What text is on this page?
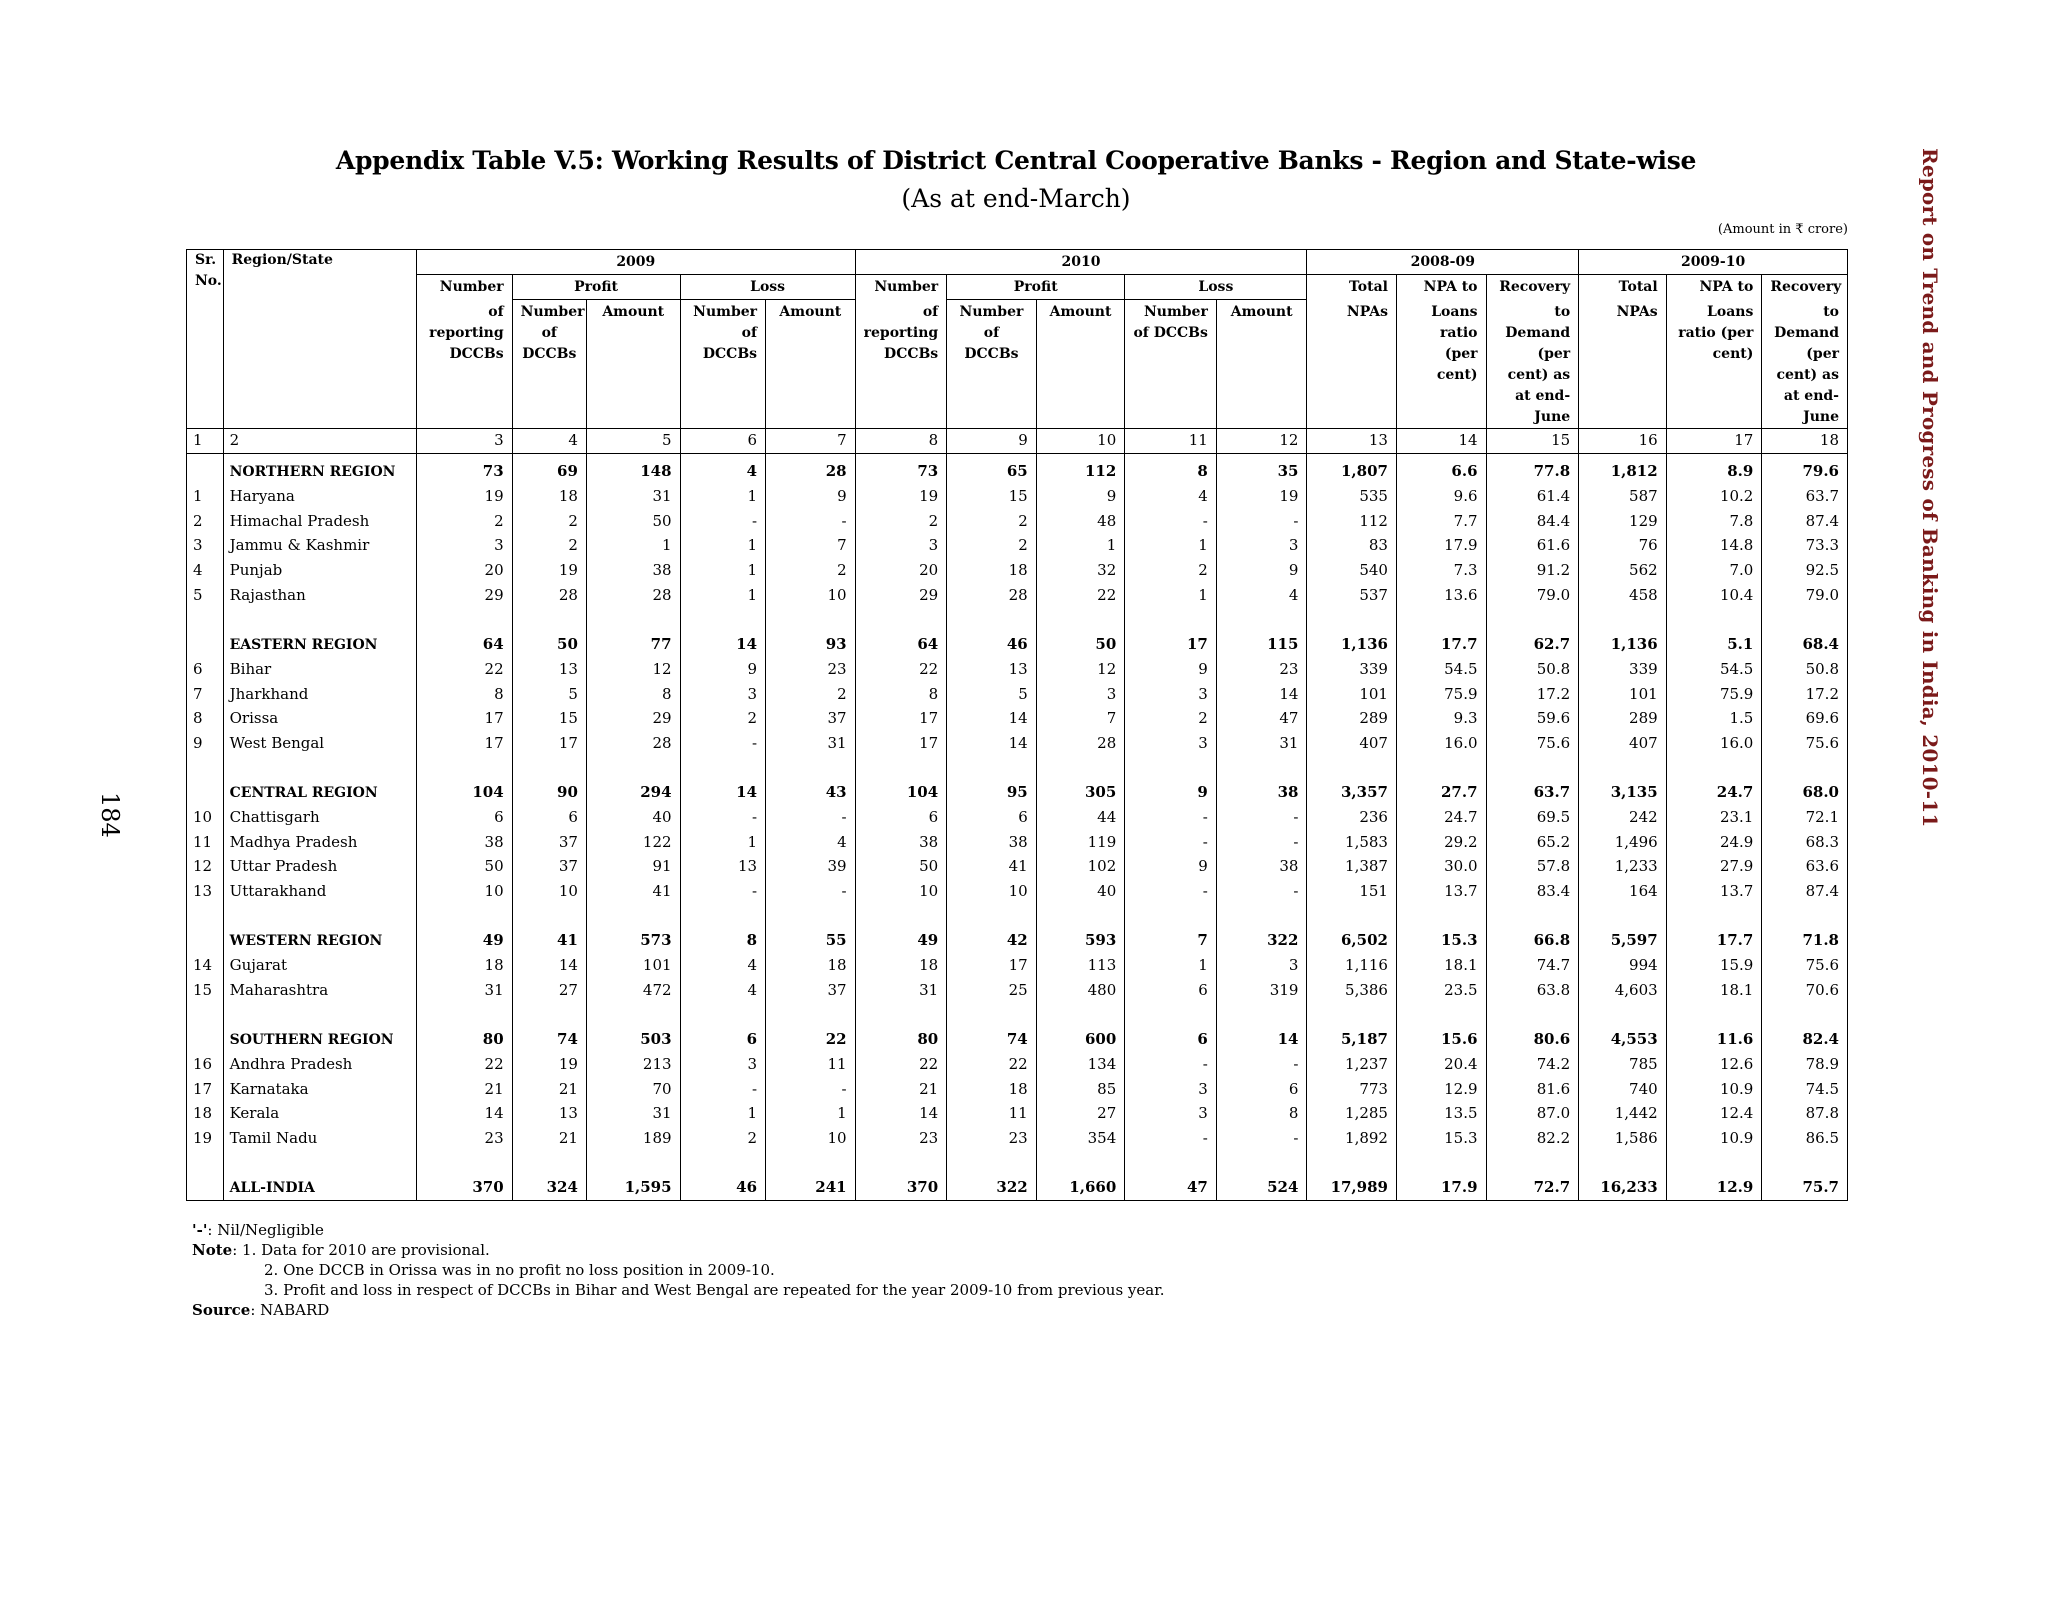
Appendix Table V.5: Working Results of District Central Cooperative Banks - Region and State-wise
(As at end-March)
(Amount in ₹ crore)	Report on Trend and Progress of Banking in India, 2010-11
184
Sr. No.	Region/State	2009					2010					2008-09			2009-10		
		Number	Profit		Loss		Number	Profit		Loss		Total	NPA to	Recovery	Total	NPA to	Recovery
		of reporting DCCBs	Number of DCCBs	Amount	Number of DCCBs	Amount	of reporting DCCBs	Number of DCCBs	Amount	Number of DCCBs	Amount	NPAs	Loans ratio (per cent)	to Demand (per cent) as at end-June	NPAs	Loans ratio (per cent)	to Demand (per cent) as at end-June
1	2	3	4	5	6	7	8	9	10	11	12	13	14	15	16	17	18
	NORTHERN REGION	73	69	148	4	28	73	65	112	8	35	1,807	6.6	77.8	1,812	8.9	79.6
1	Haryana	19	18	31	1	9	19	15	9	4	19	535	9.6	61.4	587	10.2	63.7
2	Himachal Pradesh	2	2	50	-	-	2	2	48	-	-	112	7.7	84.4	129	7.8	87.4
3	Jammu & Kashmir	3	2	1	1	7	3	2	1	1	3	83	17.9	61.6	76	14.8	73.3
4	Punjab	20	19	38	1	2	20	18	32	2	9	540	7.3	91.2	562	7.0	92.5
5	Rajasthan	29	28	28	1	10	29	28	22	1	4	537	13.6	79.0	458	10.4	79.0

	EASTERN REGION	64	50	77	14	93	64	46	50	17	115	1,136	17.7	62.7	1,136	5.1	68.4
6	Bihar	22	13	12	9	23	22	13	12	9	23	339	54.5	50.8	339	54.5	50.8
7	Jharkhand	8	5	8	3	2	8	5	3	3	14	101	75.9	17.2	101	75.9	17.2
8	Orissa	17	15	29	2	37	17	14	7	2	47	289	9.3	59.6	289	1.5	69.6
9	West Bengal	17	17	28	-	31	17	14	28	3	31	407	16.0	75.6	407	16.0	75.6

	CENTRAL REGION	104	90	294	14	43	104	95	305	9	38	3,357	27.7	63.7	3,135	24.7	68.0
10	Chattisgarh	6	6	40	-	-	6	6	44	-	-	236	24.7	69.5	242	23.1	72.1
11	Madhya Pradesh	38	37	122	1	4	38	38	119	-	-	1,583	29.2	65.2	1,496	24.9	68.3
12	Uttar Pradesh	50	37	91	13	39	50	41	102	9	38	1,387	30.0	57.8	1,233	27.9	63.6
13	Uttarakhand	10	10	41	-	-	10	10	40	-	-	151	13.7	83.4	164	13.7	87.4

	WESTERN REGION	49	41	573	8	55	49	42	593	7	322	6,502	15.3	66.8	5,597	17.7	71.8
14	Gujarat	18	14	101	4	18	18	17	113	1	3	1,116	18.1	74.7	994	15.9	75.6
15	Maharashtra	31	27	472	4	37	31	25	480	6	319	5,386	23.5	63.8	4,603	18.1	70.6

	SOUTHERN REGION	80	74	503	6	22	80	74	600	6	14	5,187	15.6	80.6	4,553	11.6	82.4
16	Andhra Pradesh	22	19	213	3	11	22	22	134	-	-	1,237	20.4	74.2	785	12.6	78.9
17	Karnataka	21	21	70	-	-	21	18	85	3	6	773	12.9	81.6	740	10.9	74.5
18	Kerala	14	13	31	1	1	14	11	27	3	8	1,285	13.5	87.0	1,442	12.4	87.8
19	Tamil Nadu	23	21	189	2	10	23	23	354	-	-	1,892	15.3	82.2	1,586	10.9	86.5

	ALL-INDIA	370	324	1,595	46	241	370	322	1,660	47	524	17,989	17.9	72.7	16,233	12.9	75.7
'-': Nil/Negligible
Note: 1. Data for 2010 are provisional.
2. One DCCB in Orissa was in no profit no loss position in 2009-10.
3. Profit and loss in respect of DCCBs in Bihar and West Bengal are repeated for the year 2009-10 from previous year.
Source: NABARD
